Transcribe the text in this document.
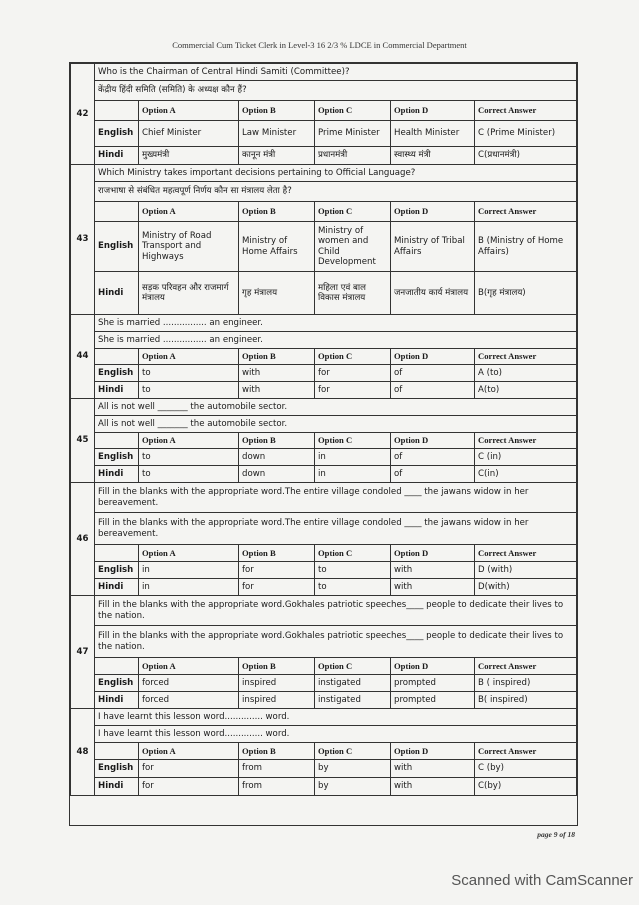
Commercial Cum Ticket Clerk in Level-3 16 2/3 % LDCE in Commercial Department
42	Who is the Chairman of Central Hindi Samiti (Committee)?					
	केंद्रीय हिंदी समिति (समिति) के अध्यक्ष कौन हैं?					
		Option A	Option B	Option C	Option D	Correct Answer
	English	Chief Minister	Law Minister	Prime Minister	Health Minister	C (Prime Minister)
	Hindi	मुख्यमंत्री	कानून मंत्री	प्रधानमंत्री	स्वास्थ्य मंत्री	C(प्रधानमंत्री)
43	Which Ministry takes important decisions pertaining to Official Language?					
	राजभाषा से संबंधित महत्वपूर्ण निर्णय कौन सा मंत्रालय लेता है?					
		Option A	Option B	Option C	Option D	Correct Answer
	English	Ministry of Road Transport and Highways	Ministry of Home Affairs	Ministry of women and Child Development	Ministry of Tribal Affairs	B (Ministry of Home Affairs)
	Hindi	सड़क परिवहन और राजमार्ग मंत्रालय	गृह मंत्रालय	महिला एवं बाल विकास मंत्रालय	जनजातीय कार्य मंत्रालय	B(गृह मंत्रालय)
44	She is married ................ an engineer.					
	She is married ................ an engineer.					
		Option A	Option B	Option C	Option D	Correct Answer
	English	to	with	for	of	A (to)
	Hindi	to	with	for	of	A(to)
45	All is not well _______ the automobile sector.					
	All is not well _______ the automobile sector.					
		Option A	Option B	Option C	Option D	Correct Answer
	English	to	down	in	of	C (in)
	Hindi	to	down	in	of	C(in)
46	Fill in the blanks with the appropriate word.The entire village condoled ____ the jawans widow in her bereavement.					
	Fill in the blanks with the appropriate word.The entire village condoled ____ the jawans widow in her bereavement.					
		Option A	Option B	Option C	Option D	Correct Answer
	English	in	for	to	with	D (with)
	Hindi	in	for	to	with	D(with)
47	Fill in the blanks with the appropriate word.Gokhales patriotic speeches____ people to dedicate their lives to the nation.					
	Fill in the blanks with the appropriate word.Gokhales patriotic speeches____ people to dedicate their lives to the nation.					
		Option A	Option B	Option C	Option D	Correct Answer
	English	forced	inspired	instigated	prompted	B ( inspired)
	Hindi	forced	inspired	instigated	prompted	B( inspired)
48	I have learnt this lesson word.............. word.					
	I have learnt this lesson word.............. word.					
		Option A	Option B	Option C	Option D	Correct Answer
	English	for	from	by	with	C (by)
	Hindi	for	from	by	with	C(by)
page 9 of 18
Scanned with CamScanner
